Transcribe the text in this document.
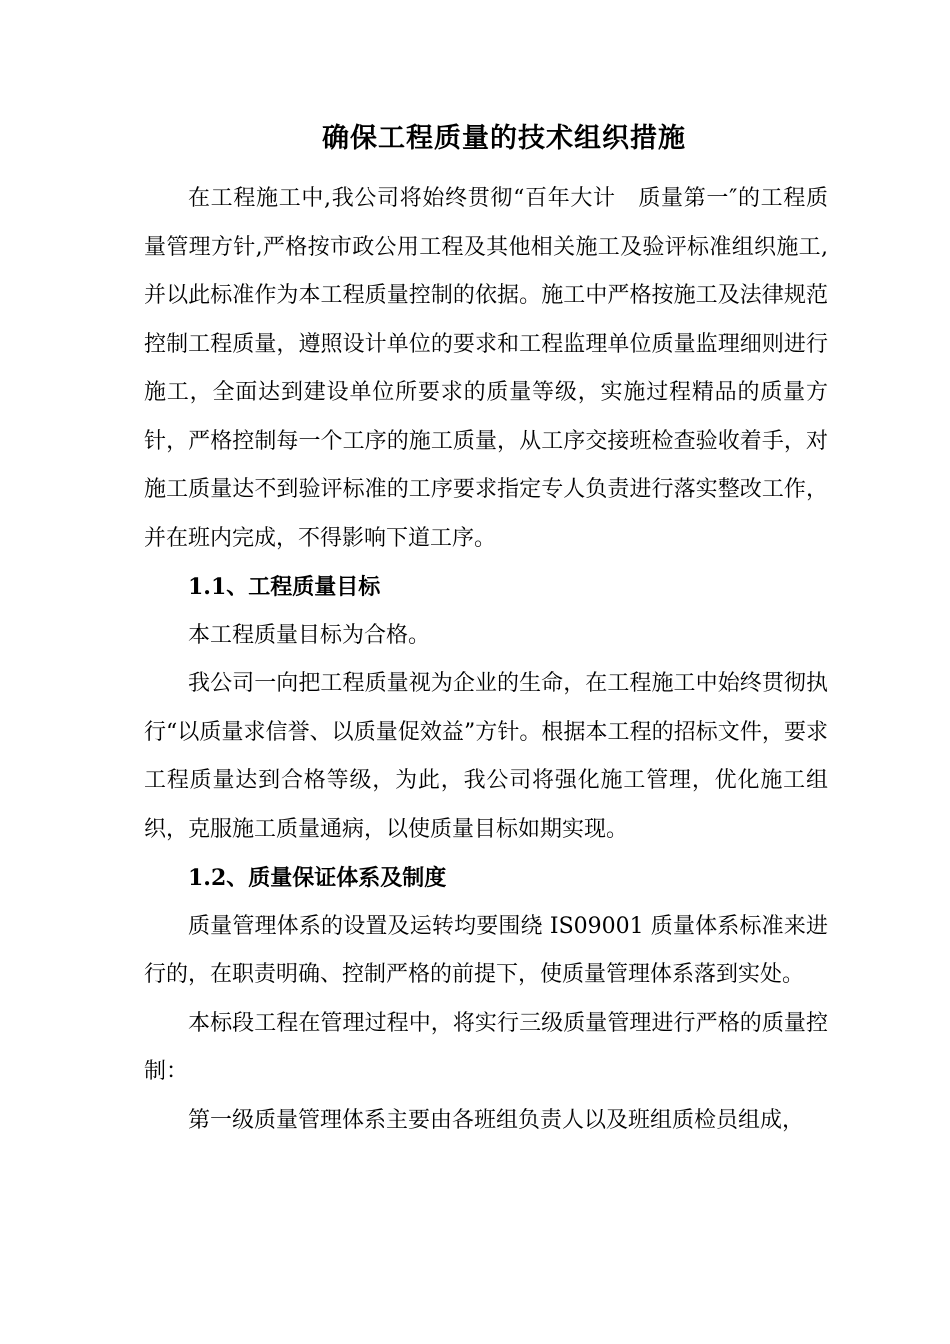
确保工程质量的技术组织措施

在工程施工中,我公司将始终贯彻“百年大计　质量第一″的工程质量管理方针,严格按市政公用工程及其他相关施工及验评标准组织施工,并以此标准作为本工程质量控制的依据。施工中严格按施工及法律规范控制工程质量，遵照设计单位的要求和工程监理单位质量监理细则进行施工，全面达到建设单位所要求的质量等级，实施过程精品的质量方针，严格控制每一个工序的施工质量，从工序交接班检查验收着手，对施工质量达不到验评标准的工序要求指定专人负责进行落实整改工作，并在班内完成，不得影响下道工序。

1.1、工程质量目标

本工程质量目标为合格。

我公司一向把工程质量视为企业的生命，在工程施工中始终贯彻执行“以质量求信誉、以质量促效益”方针。根据本工程的招标文件，要求工程质量达到合格等级，为此，我公司将强化施工管理，优化施工组织，克服施工质量通病，以使质量目标如期实现。

1.2、质量保证体系及制度

质量管理体系的设置及运转均要围绕 IS09001 质量体系标准来进行的，在职责明确、控制严格的前提下，使质量管理体系落到实处。

本标段工程在管理过程中，将实行三级质量管理进行严格的质量控制：

第一级质量管理体系主要由各班组负责人以及班组质检员组成，
